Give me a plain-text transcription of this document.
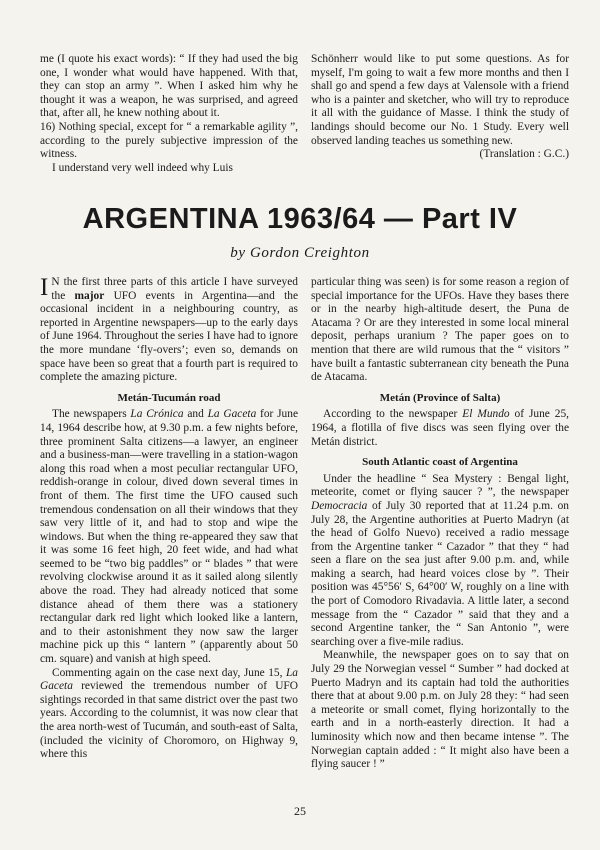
me (I quote his exact words): “ If they had used the big one, I wonder what would have happened. With that, they can stop an army ”. When I asked him why he thought it was a weapon, he was surprised, and agreed that, after all, he knew nothing about it.

16) Nothing special, except for “ a remarkable agility ”, according to the purely subjective impression of the witness.

I understand very well indeed why Luis

Schönherr would like to put some questions. As for myself, I'm going to wait a few more months and then I shall go and spend a few days at Valensole with a friend who is a painter and sketcher, who will try to reproduce it all with the guidance of Masse. I think the study of landings should become our No. 1 Study. Every well observed landing teaches us something new.

(Translation : G.C.)

ARGENTINA 1963/64 — Part IV

by Gordon Creighton

I N the first three parts of this article I have surveyed the major UFO events in Argentina—and the occasional incident in a neighbouring country, as reported in Argentine newspapers—up to the early days of June 1964. Throughout the series I have had to ignore the more mundane ‘fly-overs’; even so, demands on space have been so great that a fourth part is required to complete the amazing picture.

Metán-Tucumán road

The newspapers La Crónica and La Gaceta for June 14, 1964 describe how, at 9.30 p.m. a few nights before, three prominent Salta citizens—a lawyer, an engineer and a business-man—were travelling in a station-wagon along this road when a most peculiar rectangular UFO, reddish-orange in colour, dived down several times in front of them. The first time the UFO caused such tremendous condensation on all their windows that they saw very little of it, and had to stop and wipe the windows. But when the thing re-appeared they saw that it was some 16 feet high, 20 feet wide, and had what seemed to be “two big paddles” or “ blades ” that were revolving clockwise around it as it sailed along silently above the road. They had already noticed that some distance ahead of them there was a stationery rectangular dark red light which looked like a lantern, and to their astonishment they now saw the larger machine pick up this “ lantern ” (apparently about 50 cm. square) and vanish at high speed.

Commenting again on the case next day, June 15, La Gaceta reviewed the tremendous number of UFO sightings recorded in that same district over the past two years. According to the columnist, it was now clear that the area north-west of Tucumán, and south-east of Salta, (included the vicinity of Choromoro, on Highway 9, where this

particular thing was seen) is for some reason a region of special importance for the UFOs. Have they bases there or in the nearby high-altitude desert, the Puna de Atacama ? Or are they interested in some local mineral deposit, perhaps uranium ? The paper goes on to mention that there are wild rumous that the “ visitors ” have built a fantastic subterranean city beneath the Puna de Atacama.

Metán (Province of Salta)

According to the newspaper El Mundo of June 25, 1964, a flotilla of five discs was seen flying over the Metán district.

South Atlantic coast of Argentina

Under the headline “ Sea Mystery : Bengal light, meteorite, comet or flying saucer ? ”, the newspaper Democracia of July 30 reported that at 11.24 p.m. on July 28, the Argentine authorities at Puerto Madryn (at the head of Golfo Nuevo) received a radio message from the Argentine tanker “ Cazador ” that they “ had seen a flare on the sea just after 9.00 p.m. and, while making a search, had heard voices close by ”. Their position was 45°56′ S, 64°00′ W, roughly on a line with the port of Comodoro Rivadavia. A little later, a second message from the “ Cazador ” said that they and a second Argentine tanker, the “ San Antonio ”, were searching over a five-mile radius.

Meanwhile, the newspaper goes on to say that on July 29 the Norwegian vessel “ Sumber ” had docked at Puerto Madryn and its captain had told the authorities there that at about 9.00 p.m. on July 28 they: “ had seen a meteorite or small comet, flying horizontally to the earth and in a north-easterly direction. It had a luminosity which now and then became intense ”. The Norwegian captain added : “ It might also have been a flying saucer ! ”

25
